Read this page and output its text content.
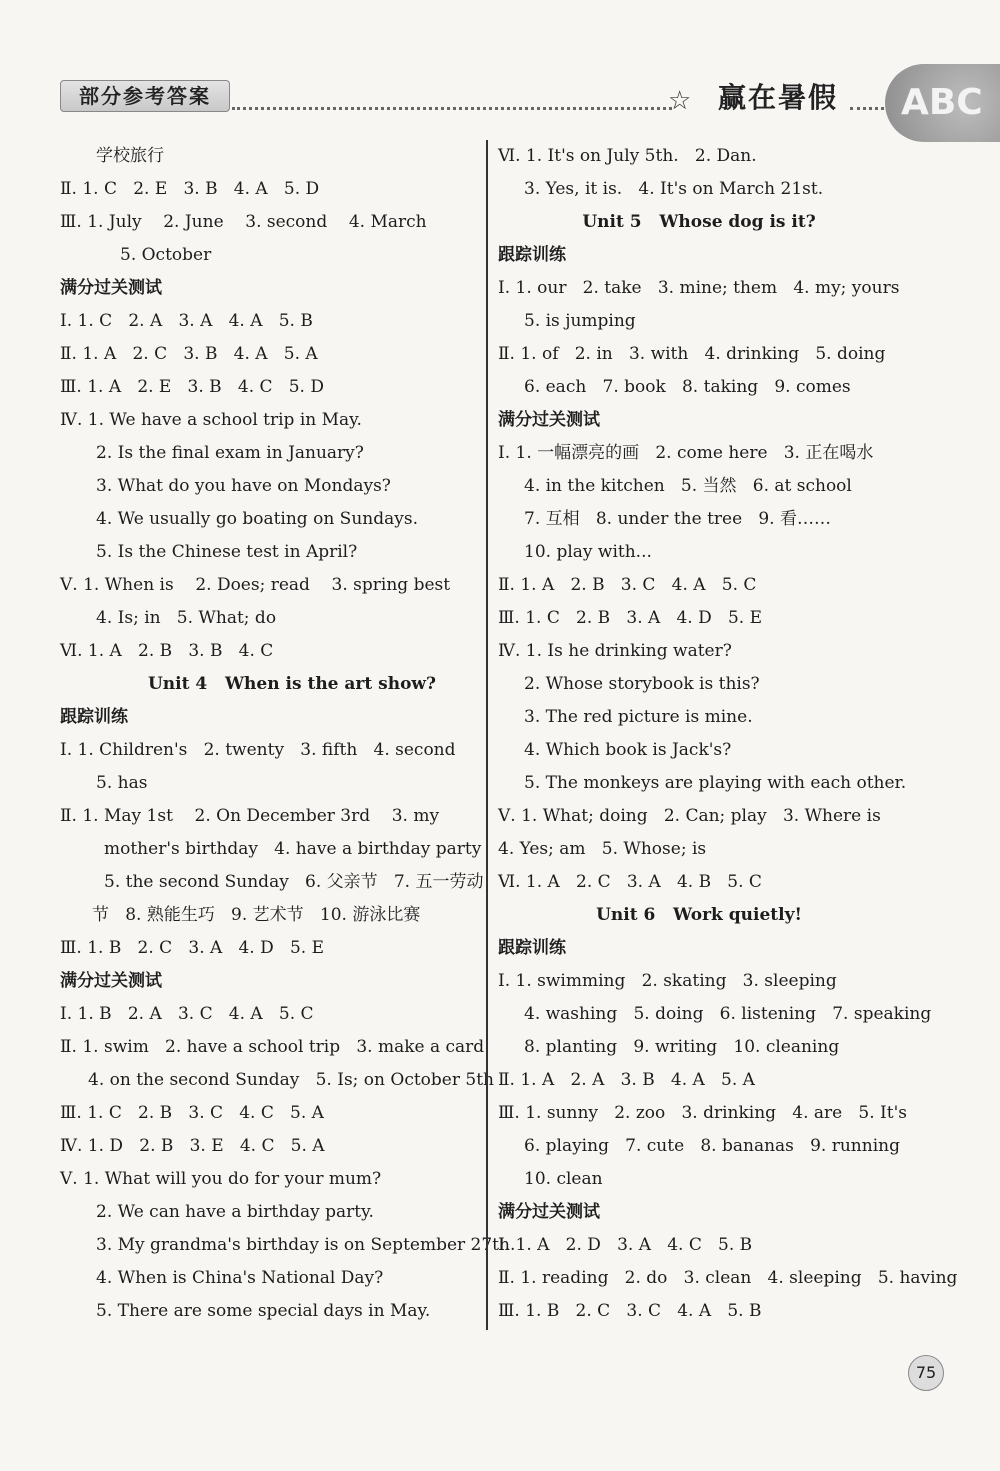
部分参考答案	☆ 赢在暑假	ABC
学校旅行
Ⅱ. 1. C   2. E   3. B   4. A   5. D
Ⅲ. 1. July    2. June    3. second    4. March
5. October
满分过关测试
Ⅰ. 1. C   2. A   3. A   4. A   5. B
Ⅱ. 1. A   2. C   3. B   4. A   5. A
Ⅲ. 1. A   2. E   3. B   4. C   5. D
Ⅳ. 1. We have a school trip in May.
2. Is the final exam in January?
3. What do you have on Mondays?
4. We usually go boating on Sundays.
5. Is the Chinese test in April?
Ⅴ. 1. When is    2. Does; read    3. spring best
4. Is; in   5. What; do
Ⅵ. 1. A   2. B   3. B   4. C
Unit 4   When is the art show?
跟踪训练
Ⅰ. 1. Children's   2. twenty   3. fifth   4. second
5. has
Ⅱ. 1. May 1st    2. On December 3rd    3. my
mother's birthday   4. have a birthday party
5. the second Sunday   6. 父亲节   7. 五一劳动
节   8. 熟能生巧   9. 艺术节   10. 游泳比赛
Ⅲ. 1. B   2. C   3. A   4. D   5. E
满分过关测试
Ⅰ. 1. B   2. A   3. C   4. A   5. C
Ⅱ. 1. swim   2. have a school trip   3. make a card
4. on the second Sunday   5. Is; on October 5th
Ⅲ. 1. C   2. B   3. C   4. C   5. A
Ⅳ. 1. D   2. B   3. E   4. C   5. A
Ⅴ. 1. What will you do for your mum?
2. We can have a birthday party.
3. My grandma's birthday is on September 27th.
4. When is China's National Day?
5. There are some special days in May.
Ⅵ. 1. It's on July 5th.   2. Dan.
3. Yes, it is.   4. It's on March 21st.
Unit 5   Whose dog is it?
跟踪训练
Ⅰ. 1. our   2. take   3. mine; them   4. my; yours
5. is jumping
Ⅱ. 1. of   2. in   3. with   4. drinking   5. doing
6. each   7. book   8. taking   9. comes
满分过关测试
Ⅰ. 1. 一幅漂亮的画   2. come here   3. 正在喝水
4. in the kitchen   5. 当然   6. at school
7. 互相   8. under the tree   9. 看……
10. play with...
Ⅱ. 1. A   2. B   3. C   4. A   5. C
Ⅲ. 1. C   2. B   3. A   4. D   5. E
Ⅳ. 1. Is he drinking water?
2. Whose storybook is this?
3. The red picture is mine.
4. Which book is Jack's?
5. The monkeys are playing with each other.
Ⅴ. 1. What; doing   2. Can; play   3. Where is
4. Yes; am   5. Whose; is
Ⅵ. 1. A   2. C   3. A   4. B   5. C
Unit 6   Work quietly!
跟踪训练
Ⅰ. 1. swimming   2. skating   3. sleeping
4. washing   5. doing   6. listening   7. speaking
8. planting   9. writing   10. cleaning
Ⅱ. 1. A   2. A   3. B   4. A   5. A
Ⅲ. 1. sunny   2. zoo   3. drinking   4. are   5. It's
6. playing   7. cute   8. bananas   9. running
10. clean
满分过关测试
Ⅰ. 1. A   2. D   3. A   4. C   5. B
Ⅱ. 1. reading   2. do   3. clean   4. sleeping   5. having
Ⅲ. 1. B   2. C   3. C   4. A   5. B
75
